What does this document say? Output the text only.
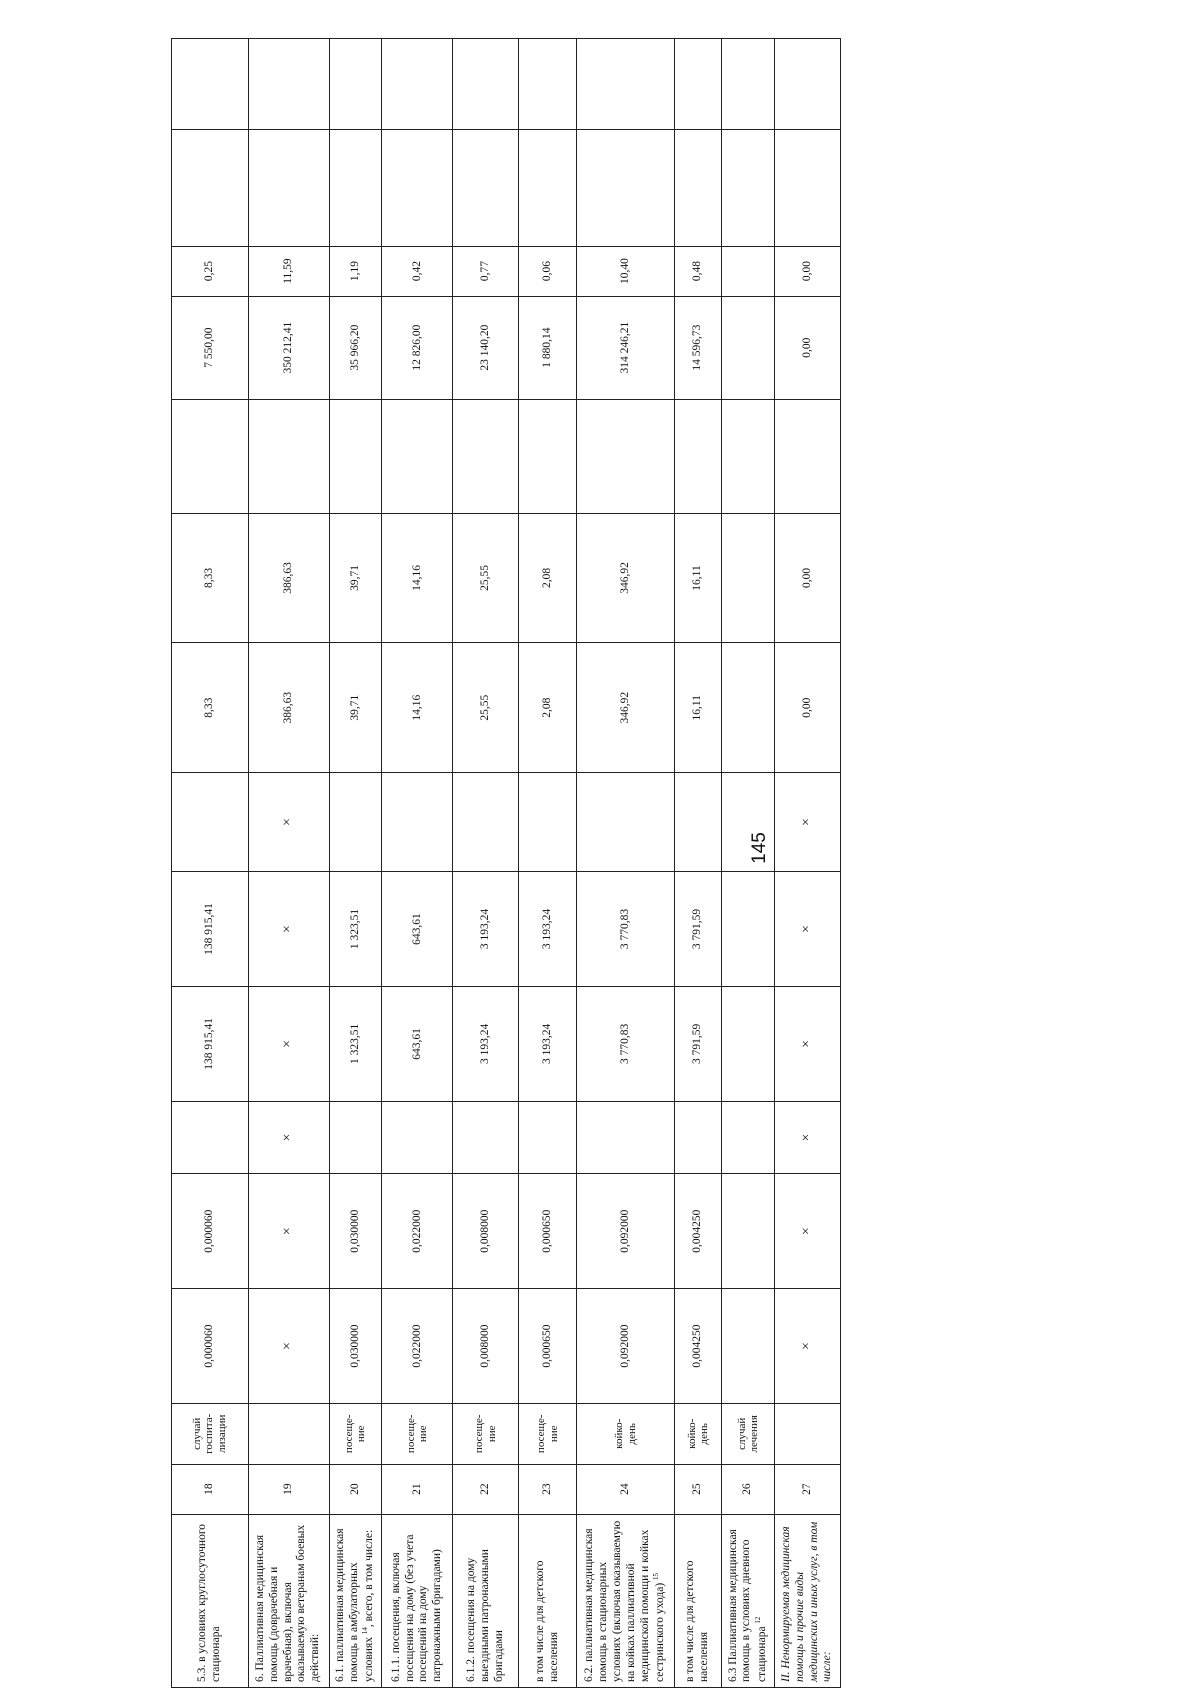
145
5.3. в условиях круглосуточного стационара	18	случай госпита- лизации	0,000060	0,000060		138 915,41	138 915,41		8,33	8,33		7 550,00	0,25		
6. Паллиативная медицинская помощь (доврачебная и врачебная), включая оказываемую ветеранам боевых действий:	19		×	×	×	×	×	×	386,63	386,63		350 212,41	11,59		
6.1. паллиативная медицинская помощь в амбулаторных условиях $^{14}$, всего, в том числе:	20	посеще- ние	0,030000	0,030000		1 323,51	1 323,51		39,71	39,71		35 966,20	1,19		
6.1.1. посещения, включая посещения на дому (без учета посещений на дому патронажными бригадами)	21	посеще- ние	0,022000	0,022000		643,61	643,61		14,16	14,16		12 826,00	0,42		
6.1.2. посещения на дому выездными патронажными бригадами	22	посеще- ние	0,008000	0,008000		3 193,24	3 193,24		25,55	25,55		23 140,20	0,77		
в том числе для детского населения	23	посеще- ние	0,000650	0,000650		3 193,24	3 193,24		2,08	2,08		1 880,14	0,06		
6.2. паллиативная медицинская помощь в стационарных условиях (включая оказываемую на койках паллиативной медицинской помощи и койках сестринского ухода) $^{15}$	24	койко- день	0,092000	0,092000		3 770,83	3 770,83		346,92	346,92		314 246,21	10,40		
в том числе для детского населения	25	койко- день	0,004250	0,004250		3 791,59	3 791,59		16,11	16,11		14 596,73	0,48		
6.3 Паллиативная медицинская помощь в условиях дневного стационара $^{12}$	26	случай лечения													
II. Ненормируемая медицинская помощь и прочие виды медицинских и иных услуг, в том числе:	27		×	×	×	×	×	×	0,00	0,00		0,00	0,00		
